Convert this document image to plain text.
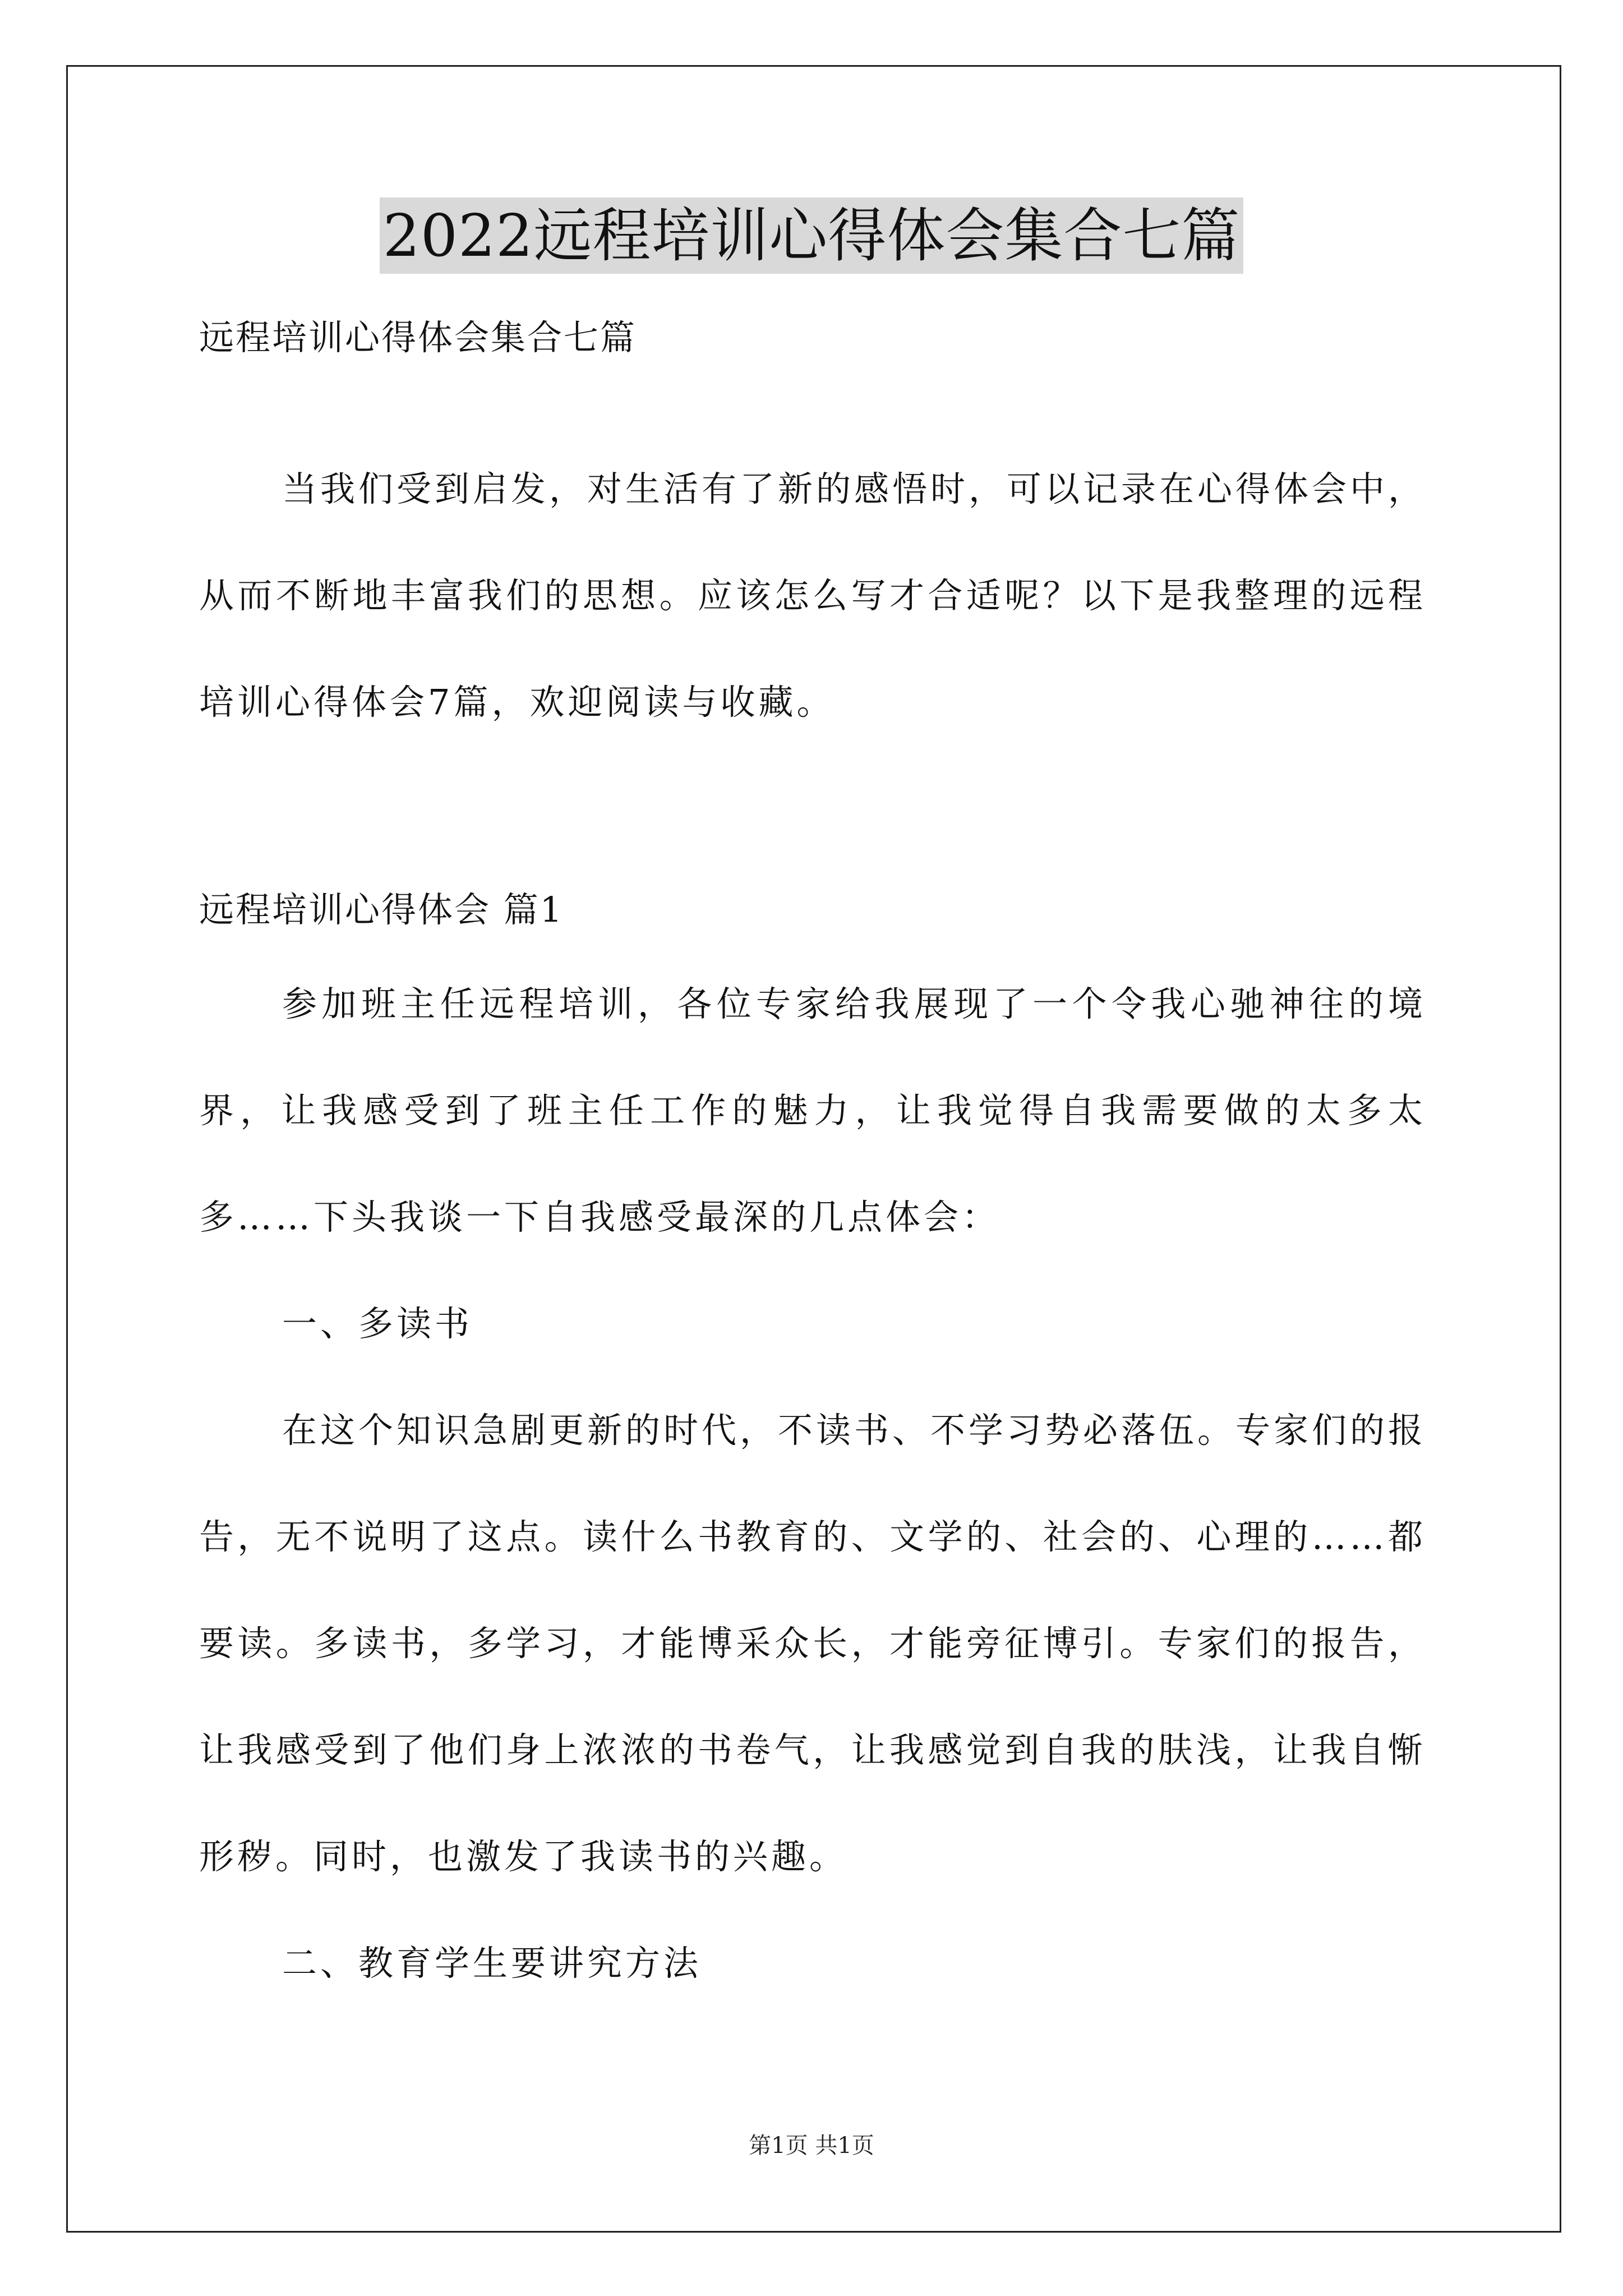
2022远程培训心得体会集合七篇
远程培训心得体会集合七篇

当我们受到启发，对生活有了新的感悟时，可以记录在心得体会中，从而不断地丰富我们的思想。应该怎么写才合适呢？以下是我整理的远程培训心得体会7篇，欢迎阅读与收藏。

远程培训心得体会 篇1

参加班主任远程培训，各位专家给我展现了一个令我心驰神往的境界，让我感受到了班主任工作的魅力，让我觉得自我需要做的太多太多……下头我谈一下自我感受最深的几点体会：

一、多读书

在这个知识急剧更新的时代，不读书、不学习势必落伍。专家们的报告，无不说明了这点。读什么书教育的、文学的、社会的、心理的……都要读。多读书，多学习，才能博采众长，才能旁征博引。专家们的报告，让我感受到了他们身上浓浓的书卷气，让我感觉到自我的肤浅，让我自惭形秽。同时，也激发了我读书的兴趣。

二、教育学生要讲究方法

第1页 共1页
